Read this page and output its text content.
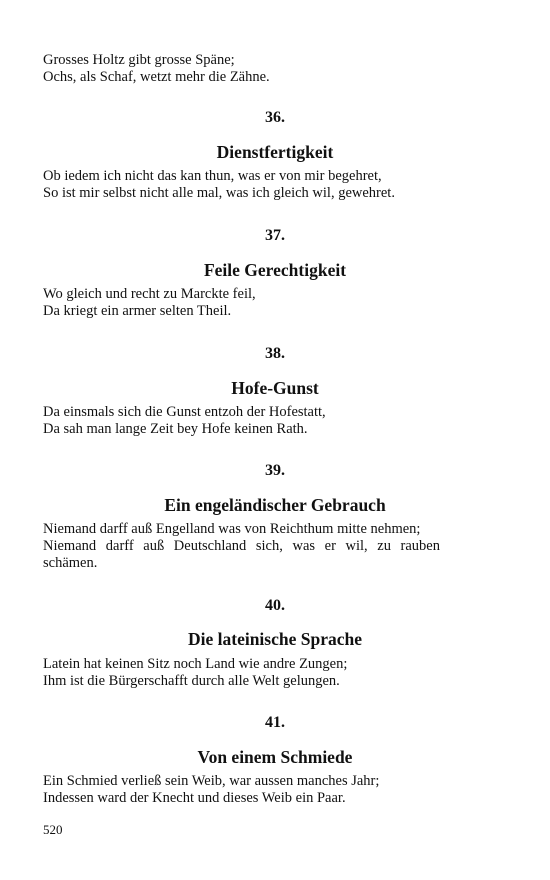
Grosses Holtz gibt grosse Späne;
Ochs, als Schaf, wetzt mehr die Zähne.
36.
Dienstfertigkeit
Ob iedem ich nicht das kan thun, was er von mir begehret,
So ist mir selbst nicht alle mal, was ich gleich wil, gewehret.
37.
Feile Gerechtigkeit
Wo gleich und recht zu Marckte feil,
Da kriegt ein armer selten Theil.
38.
Hofe-Gunst
Da einsmals sich die Gunst entzoh der Hofestatt,
Da sah man lange Zeit bey Hofe keinen Rath.
39.
Ein engeländischer Gebrauch
Niemand darff auß Engelland was von Reichthum mitte nehmen;
Niemand darff auß Deutschland sich, was er wil, zu rauben
schämen.
40.
Die lateinische Sprache
Latein hat keinen Sitz noch Land wie andre Zungen;
Ihm ist die Bürgerschafft durch alle Welt gelungen.
41.
Von einem Schmiede
Ein Schmied verließ sein Weib, war aussen manches Jahr;
Indessen ward der Knecht und dieses Weib ein Paar.
520
